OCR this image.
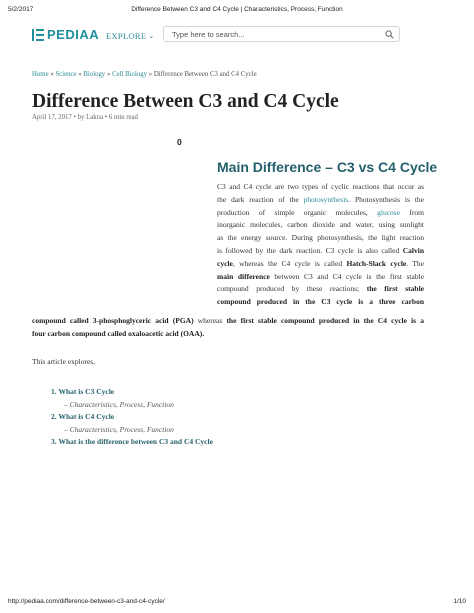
5/2/2017	Difference Between C3 and C4 Cycle | Characteristics, Process, Function
PEDIAA EXPLORE ⌄
Type here to search...
Home » Science » Biology » Cell Biology » Difference Between C3 and C4 Cycle
Difference Between C3 and C4 Cycle
April 17, 2017 • by Lakna • 6 min read
0
Main Difference – C3 vs C4 Cycle
C3 and C4 cycle are two types of cyclic reactions that occur as
the dark reaction of the photosynthesis. Photosynthesis is the
production of simple organic molecules, glucose from
inorganic molecules, carbon dioxide and water, using sunlight
as the energy source. During photosynthesis, the light reaction
is followed by the dark reaction. C3 cycle is also called Calvin
cycle, whereas the C4 cycle is called Hatch-Slack cycle. The
main difference between C3 and C4 cycle is the first stable
compound produced by these reactions; the first stable
compound produced in the C3 cycle is a three carbon
compound called 3-phosphoglyceric acid (PGA) whereas the first stable compound produced in the C4 cycle is a
four carbon compound called oxaloacetic acid (OAA).
This article explores,
1. What is C3 Cycle
– Characteristics, Process, Function
2. What is C4 Cycle
– Characteristics, Process, Function
3. What is the difference between C3 and C4 Cycle
http://pediaa.com/difference-between-c3-and-c4-cycle/	1/10
